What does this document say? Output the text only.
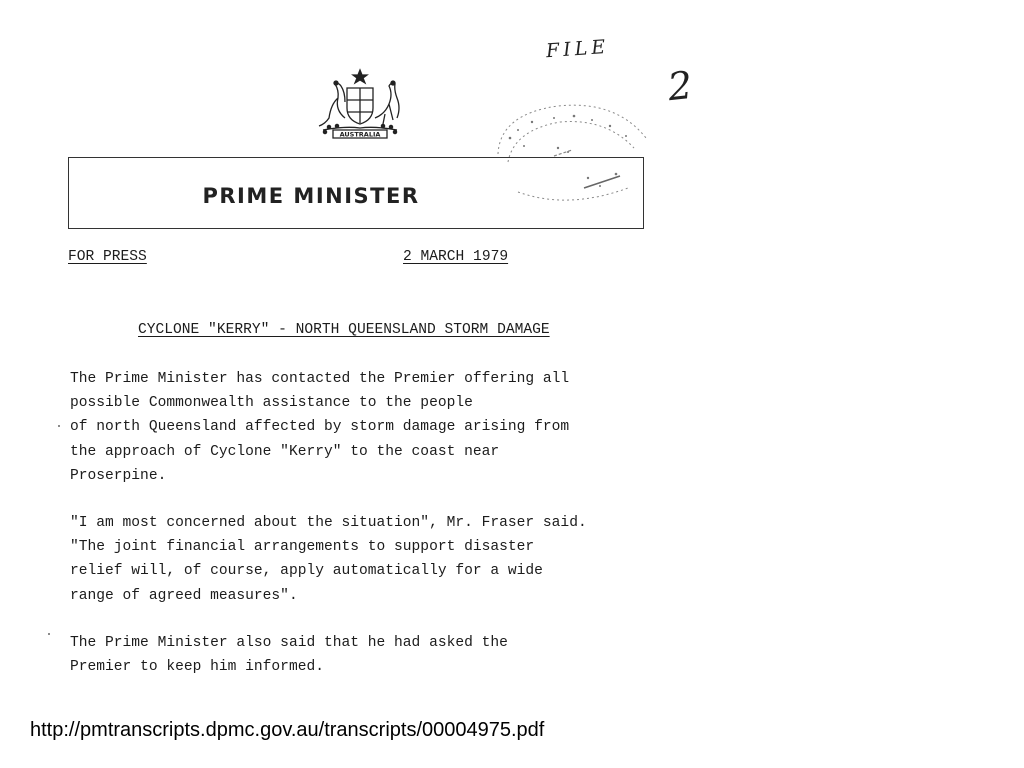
FILE
2
AUSTRALIA
PRIME MINISTER
FOR PRESS	2 MARCH 1979
CYCLONE "KERRY" - NORTH QUEENSLAND STORM DAMAGE
The Prime Minister has contacted the Premier offering all
possible Commonwealth assistance to the people
of north Queensland affected by storm damage arising from
the approach of Cyclone "Kerry" to the coast near
Proserpine.
"I am most concerned about the situation", Mr. Fraser said.
"The joint financial arrangements to support disaster
relief will, of course, apply automatically for a wide
range of agreed measures".
The Prime Minister also said that he had asked the
Premier to keep him informed.
http://pmtranscripts.dpmc.gov.au/transcripts/00004975.pdf
